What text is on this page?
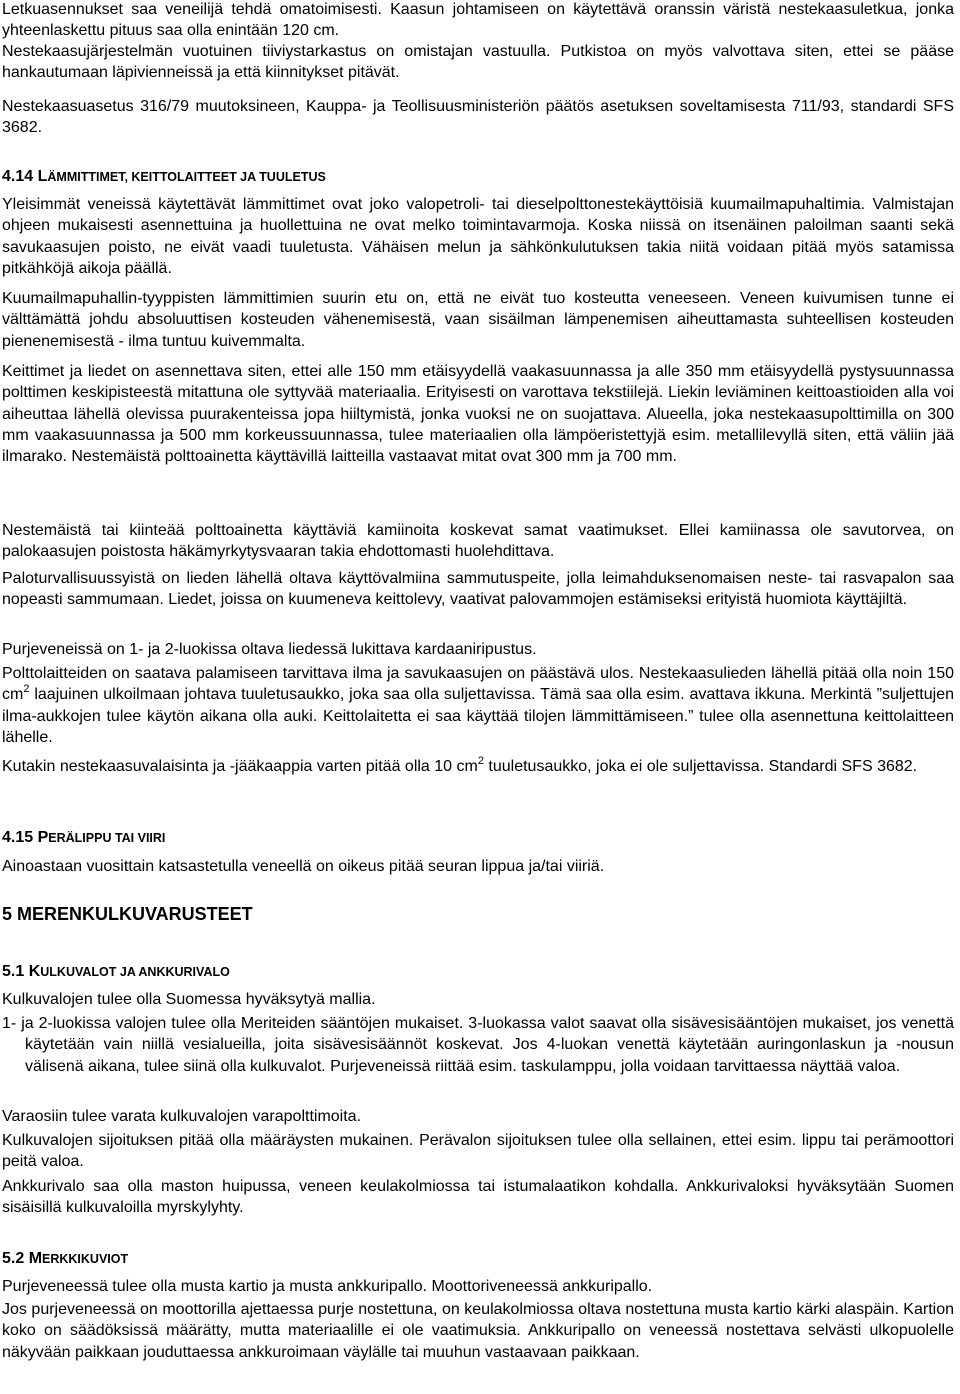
Letkuasennukset saa veneilijä tehdä omatoimisesti. Kaasun johtamiseen on käytettävä oranssin väristä nestekaasuletkua, jonka yhteenlaskettu pituus saa olla enintään 120 cm.

Nestekaasujärjestelmän vuotuinen tiiviystarkastus on omistajan vastuulla. Putkistoa on myös valvottava siten, ettei se pääse hankautumaan läpivienneissä ja että kiinnitykset pitävät.

Nestekaasuasetus 316/79 muutoksineen, Kauppa- ja Teollisuusministeriön päätös asetuksen soveltamisesta 711/93, standardi SFS 3682.

4.14 LÄMMITTIMET, KEITTOLAITTEET JA TUULETUS

Yleisimmät veneissä käytettävät lämmittimet ovat joko valopetroli- tai dieselpolttonestekäyttöisiä kuumailmapuhaltimia. Valmistajan ohjeen mukaisesti asennettuina ja huollettuina ne ovat melko toimintavarmoja. Koska niissä on itsenäinen paloilman saanti sekä savukaasujen poisto, ne eivät vaadi tuuletusta. Vähäisen melun ja sähkönkulutuksen takia niitä voidaan pitää myös satamissa pitkähköjä aikoja päällä.

Kuumailmapuhallin-tyyppisten lämmittimien suurin etu on, että ne eivät tuo kosteutta veneeseen. Veneen kuivumisen tunne ei välttämättä johdu absoluuttisen kosteuden vähenemisestä, vaan sisäilman lämpenemisen aiheuttamasta suhteellisen kosteuden pienenemisestä - ilma tuntuu kuivemmalta.

Keittimet ja liedet on asennettava siten, ettei alle 150 mm etäisyydellä vaakasuunnassa ja alle 350 mm etäisyydellä pystysuunnassa polttimen keskipisteestä mitattuna ole syttyvää materiaalia. Erityisesti on varottava tekstiilejä. Liekin leviäminen keittoastioiden alla voi aiheuttaa lähellä olevissa puurakenteissa jopa hiiltymistä, jonka vuoksi ne on suojattava. Alueella, joka nestekaasupolttimilla on 300 mm vaakasuunnassa ja 500 mm korkeussuunnassa, tulee materiaalien olla lämpöeristettyjä esim. metallilevyllä siten, että väliin jää ilmarako. Nestemäistä polttoainetta käyttävillä laitteilla vastaavat mitat ovat 300 mm ja 700 mm.

Nestemäistä tai kiinteää polttoainetta käyttäviä kamiinoita koskevat samat vaatimukset. Ellei kamiinassa ole savutorvea, on palokaasujen poistosta häkämyrkytysvaaran takia ehdottomasti huolehdittava.

Paloturvallisuussyistä on lieden lähellä oltava käyttövalmiina sammutuspeite, jolla leimahduksenomaisen neste- tai rasvapalon saa nopeasti sammumaan. Liedet, joissa on kuumeneva keittolevy, vaativat palovammojen estämiseksi erityistä huomiota käyttäjiltä.

Purjeveneissä on 1- ja 2-luokissa oltava liedessä lukittava kardaaniripustus.

Polttolaitteiden on saatava palamiseen tarvittava ilma ja savukaasujen on päästävä ulos. Nestekaasulieden lähellä pitää olla noin 150 $cm^2$ laajuinen ulkoilmaan johtava tuuletusaukko, joka saa olla suljettavissa. Tämä saa olla esim. avattava ikkuna. Merkintä ”suljettujen ilma-aukkojen tulee käytön aikana olla auki. Keittolaitetta ei saa käyttää tilojen lämmittämiseen.” tulee olla asennettuna keittolaitteen lähelle.

Kutakin nestekaasuvalaisinta ja -jääkaappia varten pitää olla 10 $cm^2$ tuuletusaukko, joka ei ole suljettavissa. Standardi SFS 3682.

4.15 PERÄLIPPU TAI VIIRI

Ainoastaan vuosittain katsastetulla veneellä on oikeus pitää seuran lippua ja/tai viiriä.

5 MERENKULKUVARUSTEET

5.1 KULKUVALOT JA ANKKURIVALO

Kulkuvalojen tulee olla Suomessa hyväksytyä mallia.

1- ja 2-luokissa valojen tulee olla Meriteiden sääntöjen mukaiset. 3-luokassa valot saavat olla sisävesisääntöjen mukaiset, jos venettä käytetään vain niillä vesialueilla, joita sisävesisäännöt koskevat. Jos 4-luokan venettä käytetään auringonlaskun ja -nousun välisenä aikana, tulee siinä olla kulkuvalot. Purjeveneissä riittää esim. taskulamppu, jolla voidaan tarvittaessa näyttää valoa.

Varaosiin tulee varata kulkuvalojen varapolttimoita.

Kulkuvalojen sijoituksen pitää olla määräysten mukainen. Perävalon sijoituksen tulee olla sellainen, ettei esim. lippu tai perämoottori peitä valoa.

Ankkurivalo saa olla maston huipussa, veneen keulakolmiossa tai istumalaatikon kohdalla. Ankkurivaloksi hyväksytään Suomen sisäisillä kulkuvaloilla myrskylyhty.

5.2 MERKKIKUVIOT

Purjeveneessä tulee olla musta kartio ja musta ankkuripallo. Moottoriveneessä ankkuripallo.

Jos purjeveneessä on moottorilla ajettaessa purje nostettuna, on keulakolmiossa oltava nostettuna musta kartio kärki alaspäin. Kartion koko on säädöksissä määrätty, mutta materiaalille ei ole vaatimuksia. Ankkuripallo on veneessä nostettava selvästi ulkopuolelle näkyvään paikkaan jouduttaessa ankkuroimaan väylälle tai muuhun vastaavaan paikkaan.
